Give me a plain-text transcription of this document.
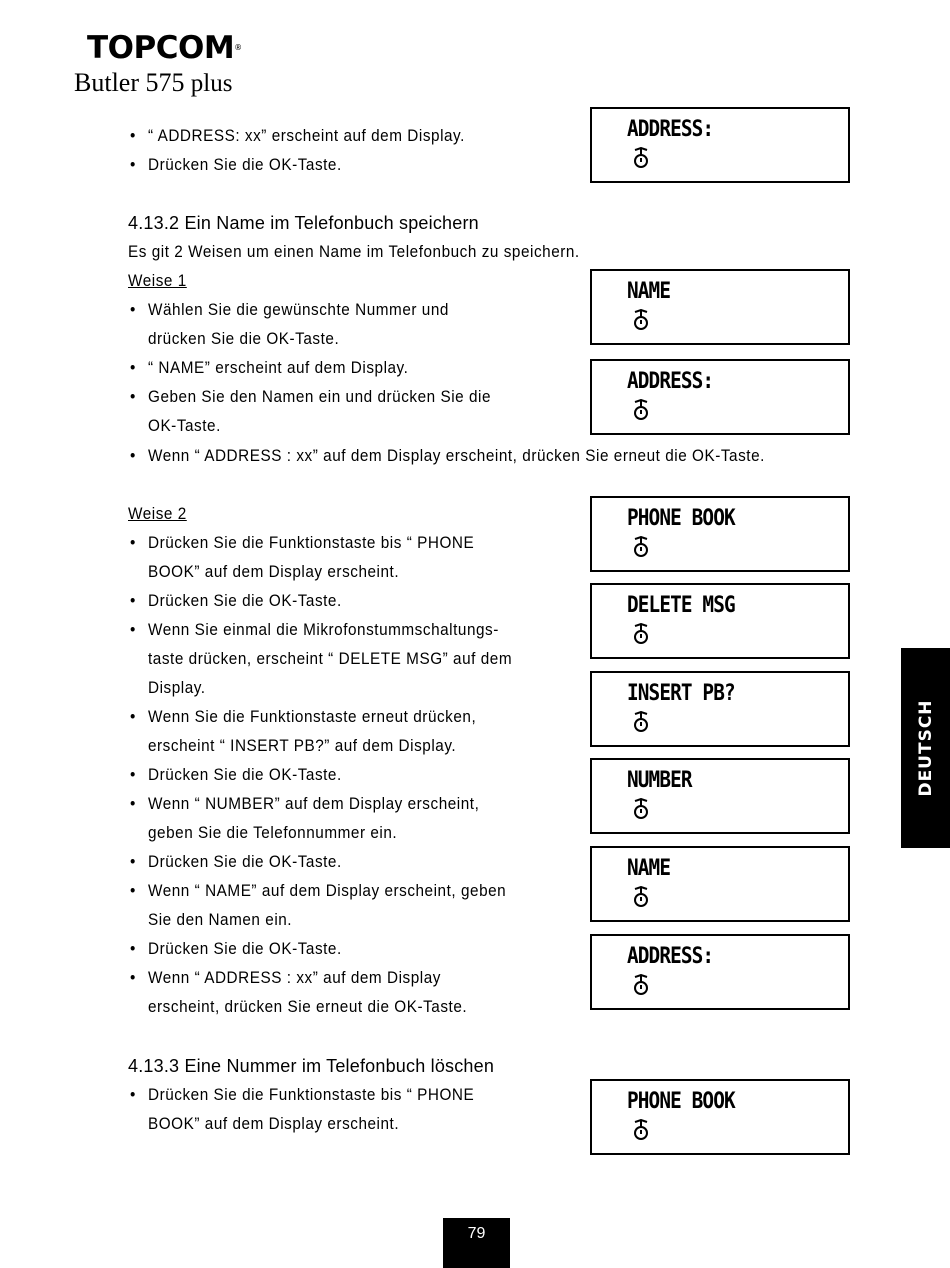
TOPCOM®
Butler 575 plus
• “ ADDRESS: xx” erscheint auf dem Display.
• Drücken Sie die OK-Taste.
4.13.2 Ein Name im Telefonbuch speichern
Es git 2 Weisen um einen Name im Telefonbuch zu speichern.
Weise 1
• Wählen Sie die gewünschte Nummer und
drücken Sie die OK-Taste.
• “ NAME” erscheint auf dem Display.
• Geben Sie den Namen ein und drücken Sie die
OK-Taste.
• Wenn “ ADDRESS : xx” auf dem Display erscheint, drücken Sie erneut die OK-Taste.
Weise 2
• Drücken Sie die Funktionstaste bis “ PHONE
BOOK” auf dem Display erscheint.
• Drücken Sie die OK-Taste.
• Wenn Sie einmal die Mikrofonstummschaltungs-
taste drücken, erscheint “ DELETE MSG” auf dem
Display.
• Wenn Sie die Funktionstaste erneut drücken,
erscheint “ INSERT PB?” auf dem Display.
• Drücken Sie die OK-Taste.
• Wenn “ NUMBER” auf dem Display erscheint,
geben Sie die Telefonnummer ein.
• Drücken Sie die OK-Taste.
• Wenn “ NAME” auf dem Display erscheint, geben
Sie den Namen ein.
• Drücken Sie die OK-Taste.
• Wenn “ ADDRESS : xx” auf dem Display
erscheint, drücken Sie erneut die OK-Taste.
4.13.3 Eine Nummer im Telefonbuch löschen
• Drücken Sie die Funktionstaste bis “ PHONE
BOOK” auf dem Display erscheint.
ADDRESS:
NAME
ADDRESS:
PHONE BOOK
DELETE MSG
INSERT PB?
NUMBER
NAME
ADDRESS:
PHONE BOOK
DEUTSCH
79
